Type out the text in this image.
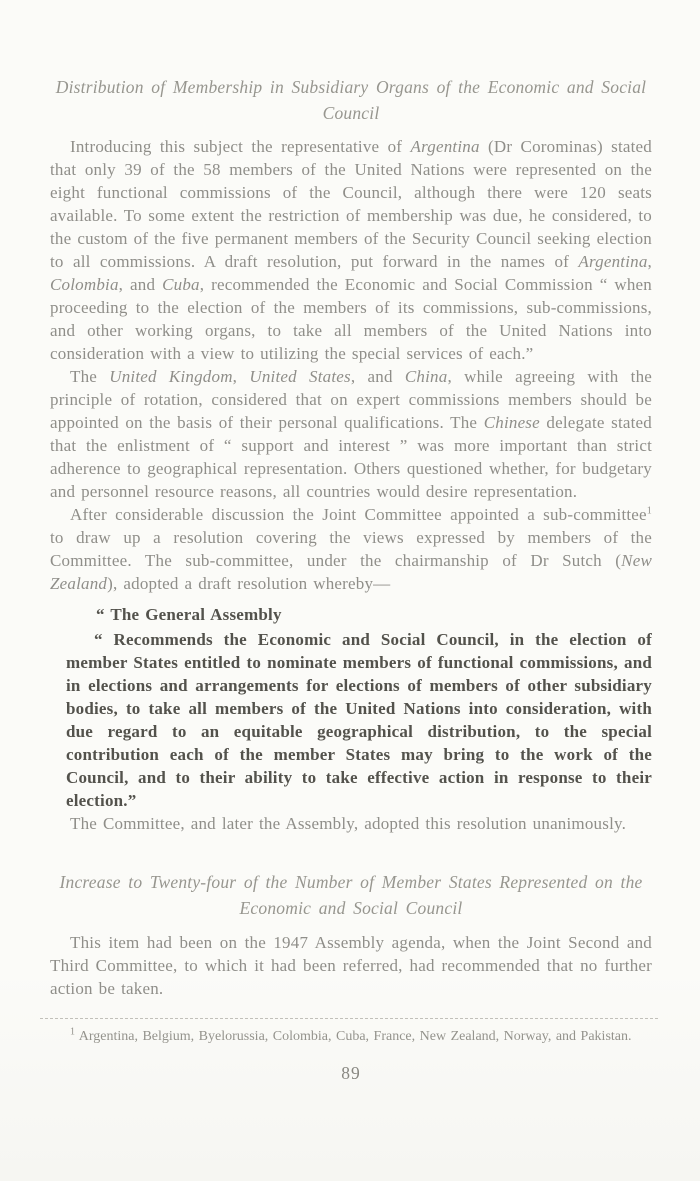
Distribution of Membership in Subsidiary Organs of the Economic and Social Council

Introducing this subject the representative of Argentina (Dr Corominas) stated that only 39 of the 58 members of the United Nations were represented on the eight functional commissions of the Council, although there were 120 seats available. To some extent the restriction of membership was due, he considered, to the custom of the five permanent members of the Security Council seeking election to all commissions. A draft resolution, put forward in the names of Argentina, Colombia, and Cuba, recommended the Economic and Social Commission “ when proceeding to the election of the members of its commissions, sub-commissions, and other working organs, to take all members of the United Nations into consideration with a view to utilizing the special services of each.”

The United Kingdom, United States, and China, while agreeing with the principle of rotation, considered that on expert commissions members should be appointed on the basis of their personal qualifications. The Chinese delegate stated that the enlistment of “ support and interest ” was more important than strict adherence to geographical representation. Others questioned whether, for budgetary and personnel resource reasons, all countries would desire representation.

After considerable discussion the Joint Committee appointed a sub-committee$^1$ to draw up a resolution covering the views expressed by members of the Committee. The sub-committee, under the chairmanship of Dr Sutch (New Zealand), adopted a draft resolution whereby—

“ The General Assembly

“ Recommends the Economic and Social Council, in the election of member States entitled to nominate members of functional commissions, and in elections and arrangements for elections of members of other subsidiary bodies, to take all members of the United Nations into consideration, with due regard to an equitable geographical distribution, to the special contribution each of the member States may bring to the work of the Council, and to their ability to take effective action in response to their election.”

The Committee, and later the Assembly, adopted this resolution unanimously.

Increase to Twenty-four of the Number of Member States Represented on the Economic and Social Council

This item had been on the 1947 Assembly agenda, when the Joint Second and Third Committee, to which it had been referred, had recommended that no further action be taken.

$^1$ Argentina, Belgium, Byelorussia, Colombia, Cuba, France, New Zealand, Norway, and Pakistan.

89
